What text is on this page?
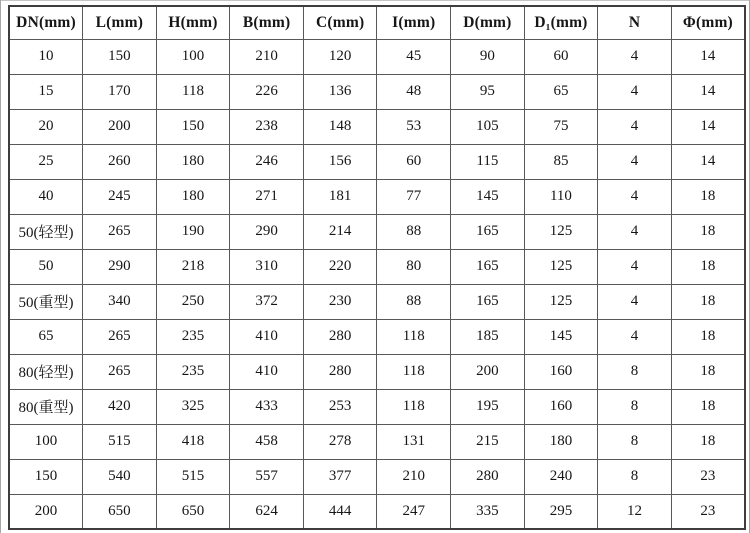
DN(mm)	L(mm)	H(mm)	B(mm)	C(mm)	I(mm)	D(mm)	D₁(mm)	N	Φ(mm)
10	150	100	210	120	45	90	60	4	14
15	170	118	226	136	48	95	65	4	14
20	200	150	238	148	53	105	75	4	14
25	260	180	246	156	60	115	85	4	14
40	245	180	271	181	77	145	110	4	18
50(轻型)	265	190	290	214	88	165	125	4	18
50	290	218	310	220	80	165	125	4	18
50(重型)	340	250	372	230	88	165	125	4	18
65	265	235	410	280	118	185	145	4	18
80(轻型)	265	235	410	280	118	200	160	8	18
80(重型)	420	325	433	253	118	195	160	8	18
100	515	418	458	278	131	215	180	8	18
150	540	515	557	377	210	280	240	8	23
200	650	650	624	444	247	335	295	12	23
